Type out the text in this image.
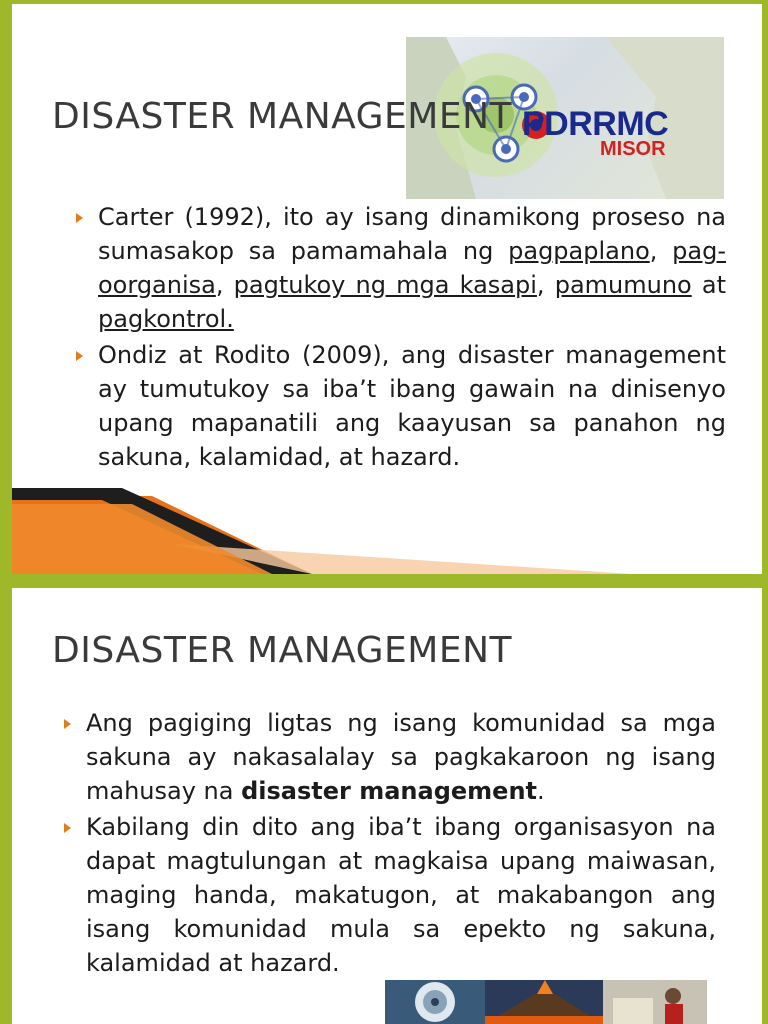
PDRRMC
MISOR
DISASTER MANAGEMENT
Carter (1992), ito ay isang dinamikong proseso na sumasakop sa pamamahala ng pagpaplano, pag-oorganisa, pagtukoy ng mga kasapi, pamumuno at pagkontrol.
Ondiz at Rodito (2009), ang disaster management ay tumutukoy sa iba’t ibang gawain na dinisenyo upang mapanatili ang kaayusan sa panahon ng sakuna, kalamidad, at hazard.
DISASTER MANAGEMENT
Ang pagiging ligtas ng isang komunidad sa mga sakuna ay nakasalalay sa pagkakaroon ng isang mahusay na disaster management.
Kabilang din dito ang iba’t ibang organisasyon na dapat magtulungan at magkaisa upang maiwasan, maging handa, makatugon, at makabangon ang isang komunidad mula sa epekto ng sakuna, kalamidad at hazard.
